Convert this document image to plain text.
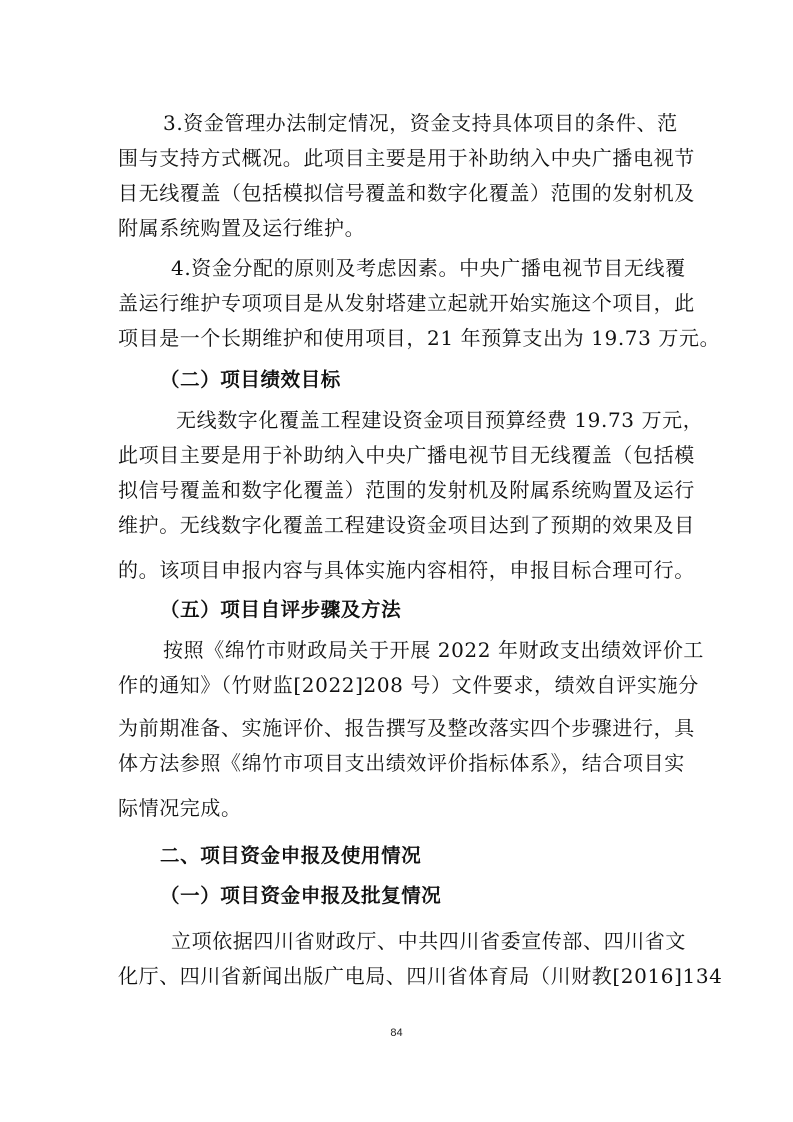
3.资金管理办法制定情况，资金支持具体项目的条件、范
围与支持方式概况。此项目主要是用于补助纳入中央广播电视节
目无线覆盖（包括模拟信号覆盖和数字化覆盖）范围的发射机及
附属系统购置及运行维护。
4.资金分配的原则及考虑因素。中央广播电视节目无线覆
盖运行维护专项项目是从发射塔建立起就开始实施这个项目，此
项目是一个长期维护和使用项目，21 年预算支出为 19.73 万元。
（二）项目绩效目标
无线数字化覆盖工程建设资金项目预算经费 19.73 万元，
此项目主要是用于补助纳入中央广播电视节目无线覆盖（包括模
拟信号覆盖和数字化覆盖）范围的发射机及附属系统购置及运行
维护。无线数字化覆盖工程建设资金项目达到了预期的效果及目
的。该项目申报内容与具体实施内容相符，申报目标合理可行。
（五）项目自评步骤及方法
按照《绵竹市财政局关于开展 2022 年财政支出绩效评价工
作的通知》（竹财监[2022]208 号）文件要求，绩效自评实施分
为前期准备、实施评价、报告撰写及整改落实四个步骤进行，具
体方法参照《绵竹市项目支出绩效评价指标体系》，结合项目实
际情况完成。
二、项目资金申报及使用情况
（一）项目资金申报及批复情况
立项依据四川省财政厅、中共四川省委宣传部、四川省文
化厅、四川省新闻出版广电局、四川省体育局（川财教[2016]134
84
